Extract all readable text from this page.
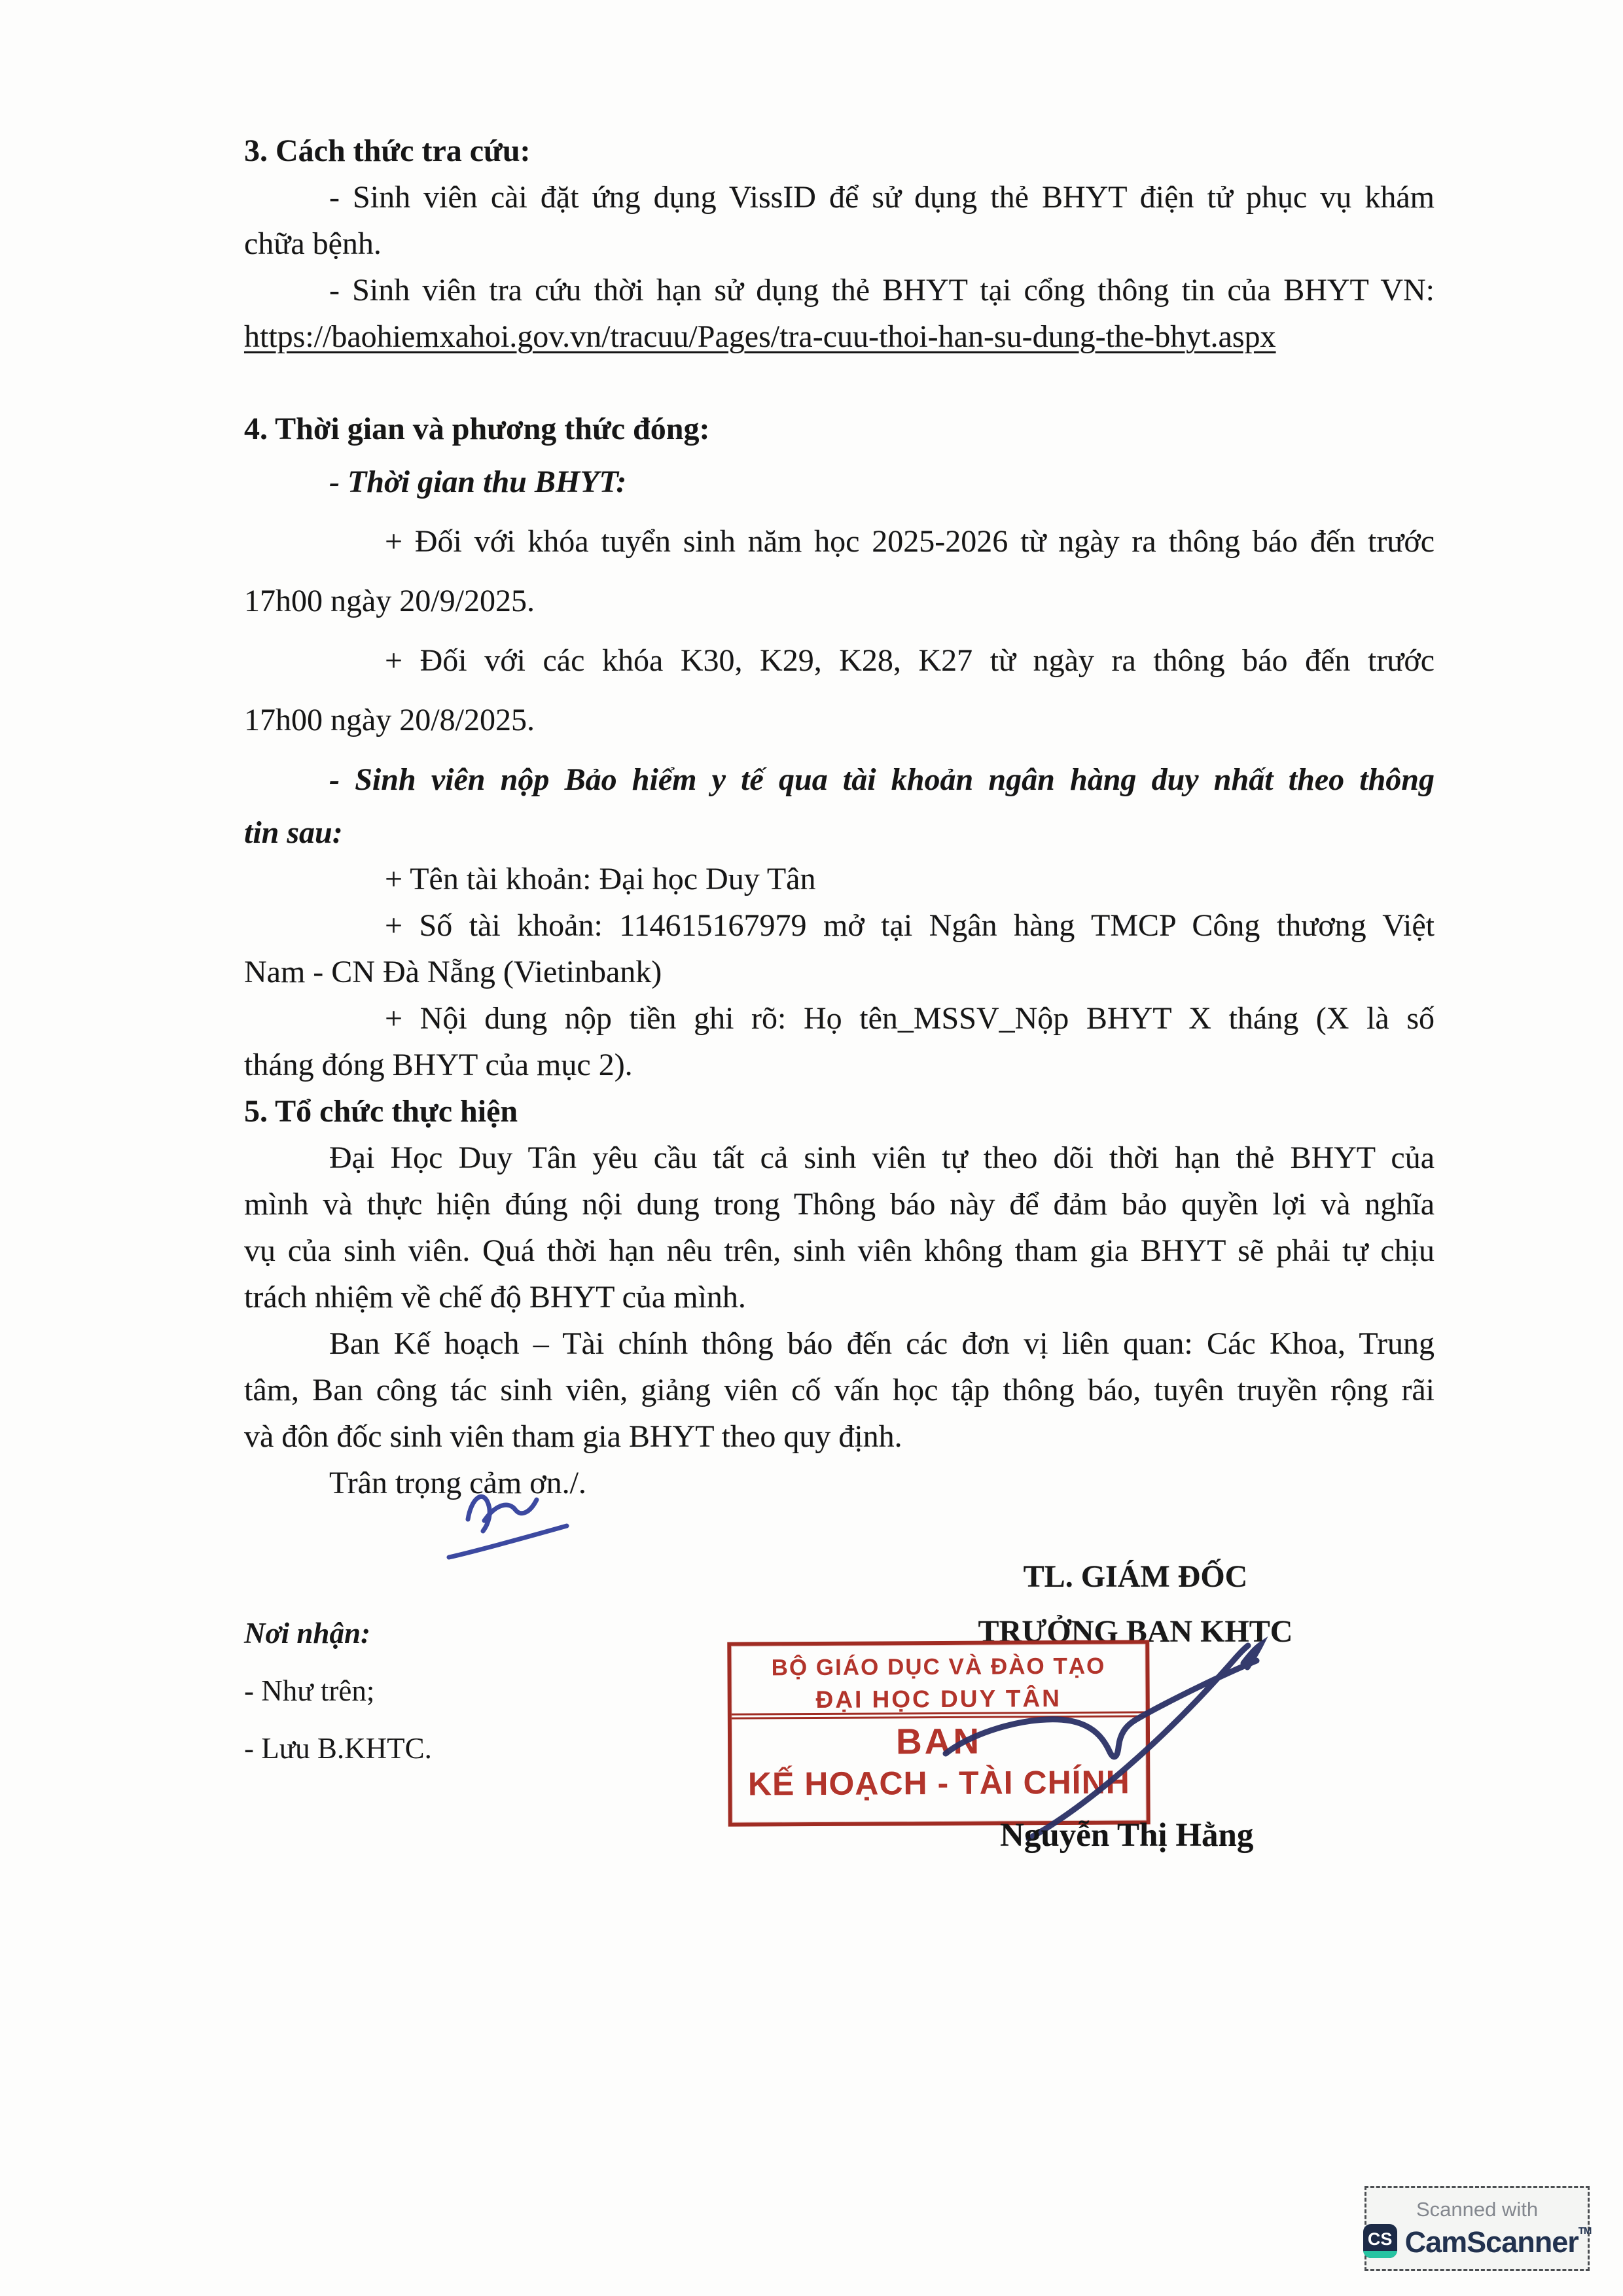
3. Cách thức tra cứu:
- Sinh viên cài đặt ứng dụng VissID để sử dụng thẻ BHYT điện tử phục vụ khám
chữa bệnh.
- Sinh viên tra cứu thời hạn sử dụng thẻ BHYT tại cổng thông tin của BHYT VN:
https://baohiemxahoi.gov.vn/tracuu/Pages/tra-cuu-thoi-han-su-dung-the-bhyt.aspx
4. Thời gian và phương thức đóng:
- Thời gian thu BHYT:
+ Đối với khóa tuyển sinh năm học 2025-2026 từ ngày ra thông báo đến trước
17h00 ngày 20/9/2025.
+ Đối với các khóa K30, K29, K28, K27 từ ngày ra thông báo đến trước
17h00 ngày 20/8/2025.
- Sinh viên nộp Bảo hiểm y tế qua tài khoản ngân hàng duy nhất theo thông
tin sau:
+ Tên tài khoản: Đại học Duy Tân
+ Số tài khoản: 114615167979 mở tại Ngân hàng TMCP Công thương Việt
Nam - CN Đà Nẵng (Vietinbank)
+ Nội dung nộp tiền ghi rõ: Họ tên_MSSV_Nộp BHYT X tháng (X là số
tháng đóng BHYT của mục 2).
5. Tổ chức thực hiện
Đại Học Duy Tân yêu cầu tất cả sinh viên tự theo dõi thời hạn thẻ BHYT của
mình và thực hiện đúng nội dung trong Thông báo này để đảm bảo quyền lợi và nghĩa
vụ của sinh viên. Quá thời hạn nêu trên, sinh viên không tham gia BHYT sẽ phải tự chịu
trách nhiệm về chế độ BHYT của mình.
Ban Kế hoạch – Tài chính thông báo đến các đơn vị liên quan: Các Khoa, Trung
tâm, Ban công tác sinh viên, giảng viên cố vấn học tập thông báo, tuyên truyền rộng rãi
và đôn đốc sinh viên tham gia BHYT theo quy định.
Trân trọng cảm ơn./.
TL. GIÁM ĐỐC
TRƯỞNG BAN KHTC
Nơi nhận:
- Như trên;
- Lưu B.KHTC.
BỘ GIÁO DỤC VÀ ĐÀO TẠO
ĐẠI HỌC DUY TÂN
BAN
KẾ HOẠCH - TÀI CHÍNH
Nguyễn Thị Hằng
Scanned with
CS CamScanner™
